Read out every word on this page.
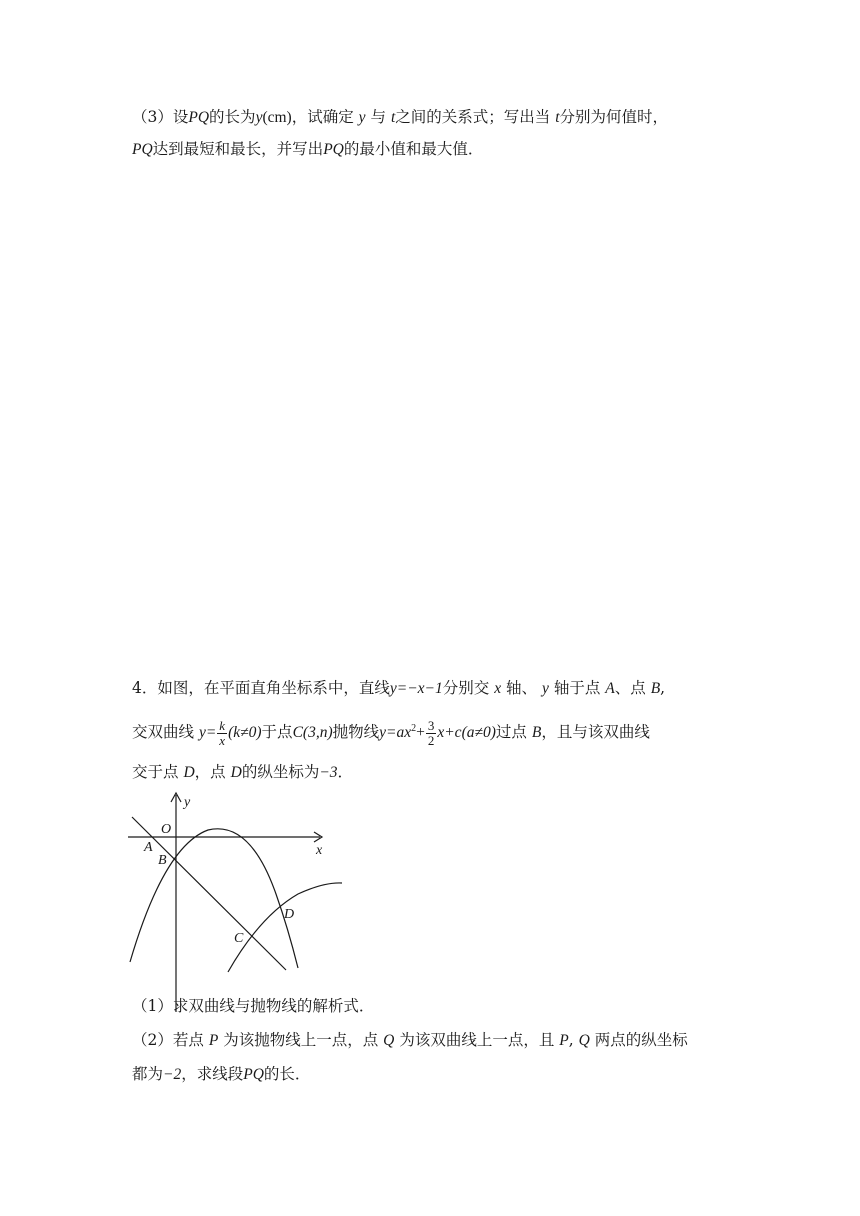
（3）设PQ的长为y(cm)，试确定 y 与 t之间的关系式；写出当 t分别为何值时，
PQ达到最短和最长，并写出PQ的最小值和最大值．
4．如图，在平面直角坐标系中，直线y=−x−1分别交 x 轴、 y 轴于点 A、点 B,
交双曲线 $y= \frac{k}{x} (k\ne 0)$于点C(3,n)抛物线$y=ax^2+ \frac{3}{2} x+c(a\ne 0)$过点 B，且与该双曲线
交于点 D，点 D的纵坐标为−3．
y
O
x
A
B
C
D
（1）求双曲线与抛物线的解析式．
（2）若点 P 为该抛物线上一点，点 Q 为该双曲线上一点，且 P, Q 两点的纵坐标
都为−2，求线段PQ的长．
